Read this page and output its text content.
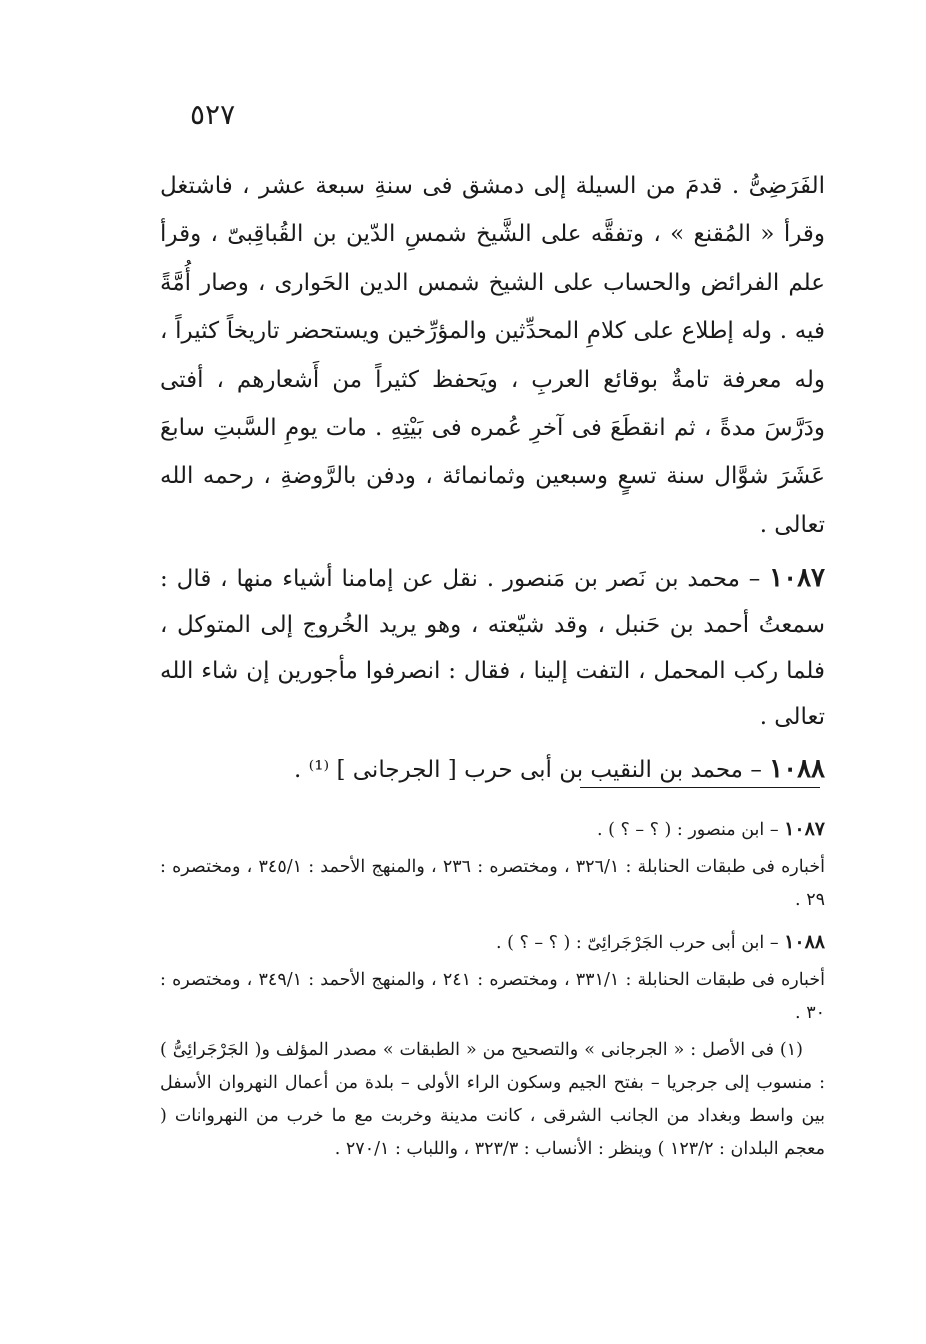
٥٢٧

الفَرَضِىُّ . قدمَ من السيلة إلى دمشق فى سنةِ سبعة عشر ، فاشتغل وقرأ « المُقنع » ، وتفقَّه على الشَّيخ شمسِ الدّين بن القُباقِبىّ ، وقرأ علم الفرائض والحساب على الشيخ شمس الدين الحَوارى ، وصار أُمَّةً فيه . وله إطلاع على كلامِ المحدِّثين والمؤرِّخين ويستحضر تاريخاً كثيراً ، وله معرفة تامةٌ بوقائع العربِ ، ويَحفظ كثيراً من أَشعارهم ، أفتى ودَرَّسَ مدةً ، ثم انقطَعَ فى آخرِ عُمره فى بَيْتِهِ . مات يومِ السَّبتِ سابعَ عَشَرَ شوَّال سنة تسعٍ وسبعين وثمانمائة ، ودفن بالرَّوضةِ ، رحمه الله تعالى .

١٠٨٧ – محمد بن نَصر بن مَنصور . نقل عن إمامنا أشياء منها ، قال : سمعتُ أحمد بن حَنبل ، وقد شيّعته ، وهو يريد الخُروج إلى المتوكل ، فلما ركب المحمل ، التفت إلينا ، فقال : انصرفوا مأجورين إن شاء الله تعالى .

١٠٨٨ – محمد بن النقيب بن أبى حرب [ الجرجانى ] ⁽¹⁾ .

١٠٨٧ – ابن منصور : ( ؟ – ؟ ) .

أخباره فى طبقات الحنابلة : ٣٢٦/١ ، ومختصره : ٢٣٦ ، والمنهج الأحمد : ٣٤٥/١ ، ومختصره : ٢٩ .

١٠٨٨ – ابن أبى حرب الجَرْجَرائِىّ : ( ؟ – ؟ ) .

أخباره فى طبقات الحنابلة : ٣٣١/١ ، ومختصره : ٢٤١ ، والمنهج الأحمد : ٣٤٩/١ ، ومختصره : ٣٠ .

(١) فى الأصل : « الجرجانى » والتصحيح من « الطبقات » مصدر المؤلف و( الجَرْجَرائِىُّ ) : منسوب إلى جرجريا – بفتح الجيم وسكون الراء الأولى – بلدة من أعمال النهروان الأسفل بين واسط وبغداد من الجانب الشرقى ، كانت مدينة وخربت مع ما خرب من النهروانات ( معجم البلدان : ١٢٣/٢ ) وينظر : الأنساب : ٣٢٣/٣ ، واللباب : ٢٧٠/١ .
